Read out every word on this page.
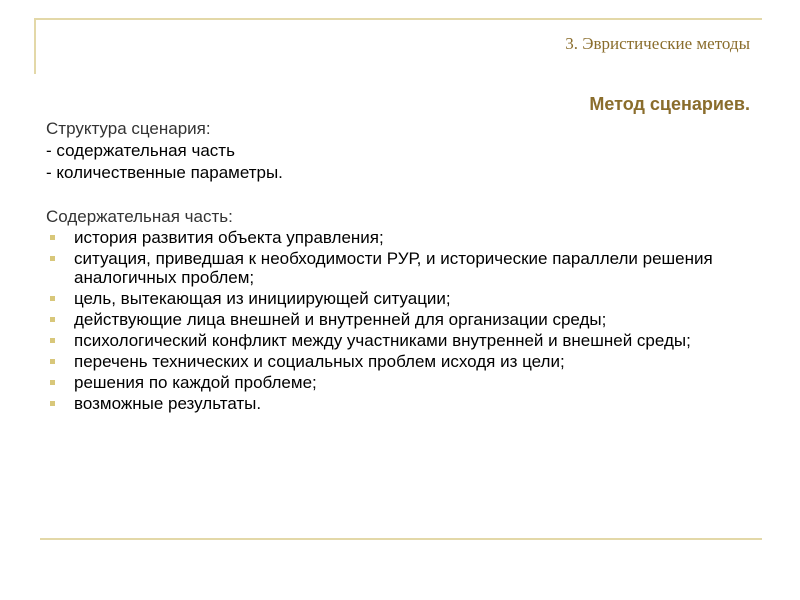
3. Эвристические методы
Метод сценариев.
Структура сценария:
- содержательная часть
- количественные параметры.
Содержательная часть:
история развития объекта управления;
ситуация, приведшая к необходимости РУР, и исторические параллели решения аналогичных проблем;
цель, вытекающая из инициирующей ситуации;
действующие лица внешней и внутренней для организации среды;
психологический конфликт между участниками внутренней и внешней среды;
перечень технических и социальных проблем исходя из цели;
решения по каждой проблеме;
возможные результаты.
